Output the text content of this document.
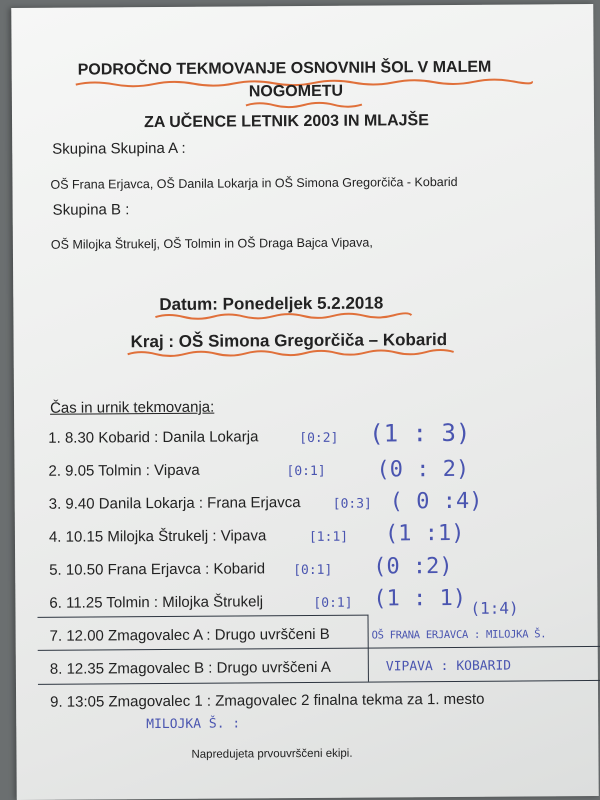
PODROČNO TEKMOVANJE OSNOVNIH ŠOL V MALEM
NOGOMETU
ZA UČENCE LETNIK 2003 IN MLAJŠE
Skupina Skupina A :
OŠ Frana Erjavca, OŠ Danila Lokarja in OŠ Simona Gregorčiča - Kobarid
Skupina B :
OŠ Milojka Štrukelj, OŠ Tolmin in OŠ Draga Bajca Vipava,
Datum: Ponedeljek 5.2.2018
Kraj : OŠ Simona Gregorčiča – Kobarid
Čas in urnik tekmovanja:
1. 8.30 Kobarid : Danila Lokarja
2. 9.05 Tolmin : Vipava
3. 9.40 Danila Lokarja : Frana Erjavca
4. 10.15 Milojka Štrukelj : Vipava
5. 10.50 Frana Erjavca : Kobarid
6. 11.25 Tolmin : Milojka Štrukelj
7. 12.00 Zmagovalec A : Drugo uvrščeni B
8. 12.35 Zmagovalec B : Drugo uvrščeni A
9. 13:05 Zmagovalec 1 : Zmagovalec 2 finalna tekma za 1. mesto
[0:2] (1 : 3)
[0:1] (0 : 2)
[0:3] ( 0 :4)
[1:1] (1 :1)
[0:1] (0 :2)
[0:1] (1 : 1) (1:4)
OŠ FRANA ERJAVCA : MILOJKA Š.
VIPAVA : KOBARID
MILOJKA Š. :
Napredujeta prvouvrščeni ekipi.
